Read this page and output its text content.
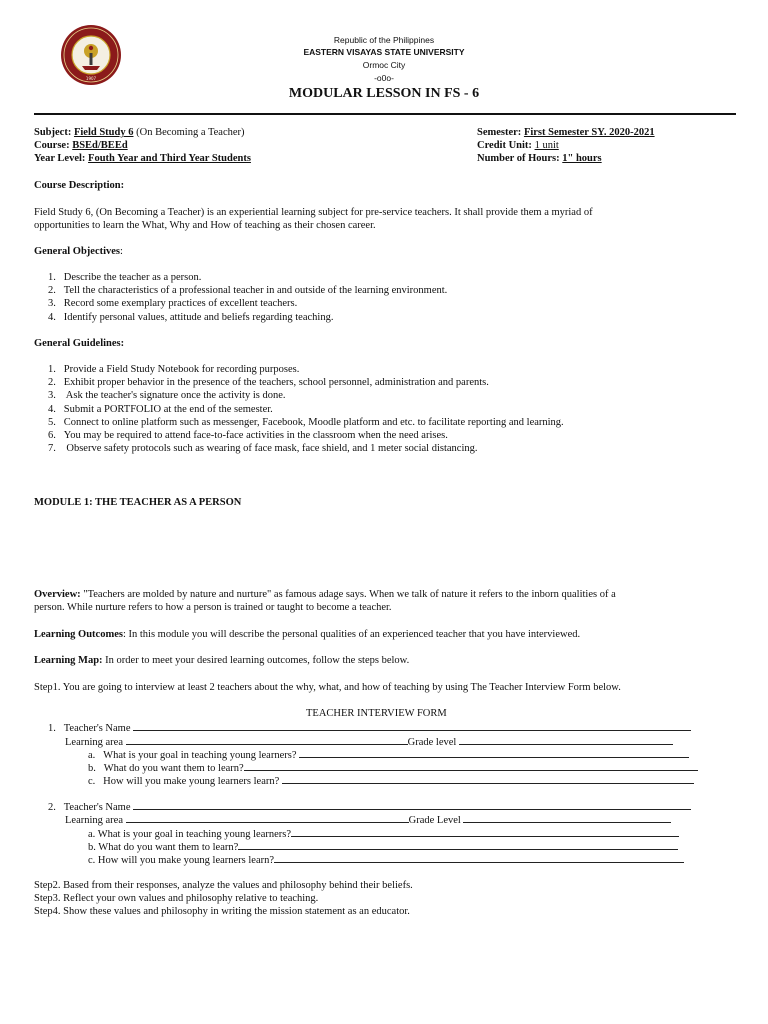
1907
Republic of the Philippines
EASTERN VISAYAS STATE UNIVERSITY
Ormoc City
-o0o-
MODULAR LESSON IN FS - 6
Subject: Field Study 6 (On Becoming a Teacher)
Course: BSEd/BEEd
Year Level: Fouth Year and Third Year Students
Semester: First Semester SY. 2020-2021
Credit Unit: 1 unit
Number of Hours: 1" hours
Course Description:
Field Study 6, (On Becoming a Teacher) is an experiential learning subject for pre-service teachers. It shall provide them a myriad of
opportunities to learn the What, Why and How of teaching as their chosen career.
General Objectives:
1.   Describe the teacher as a person.
2.   Tell the characteristics of a professional teacher in and outside of the learning environment.
3.   Record some exemplary practices of excellent teachers.
4.   Identify personal values, attitude and beliefs regarding teaching.
General Guidelines:
1.   Provide a Field Study Notebook for recording purposes.
2.   Exhibit proper behavior in the presence of the teachers, school personnel, administration and parents.
3.    Ask the teacher's signature once the activity is done.
4.   Submit a PORTFOLIO at the end of the semester.
5.   Connect to online platform such as messenger, Facebook, Moodle platform and etc. to facilitate reporting and learning.
6.   You may be required to attend face-to-face activities in the classroom when the need arises.
7.    Observe safety protocols such as wearing of face mask, face shield, and 1 meter social distancing.
MODULE 1: THE TEACHER AS A PERSON
Overview: "Teachers are molded by nature and nurture" as famous adage says. When we talk of nature it refers to the inborn qualities of a
person. While nurture refers to how a person is trained or taught to become a teacher.
Learning Outcomes: In this module you will describe the personal qualities of an experienced teacher that you have interviewed.
Learning Map: In order to meet your desired learning outcomes, follow the steps below.
Step1. You are going to interview at least 2 teachers about the why, what, and how of teaching by using The Teacher Interview Form below.
TEACHER INTERVIEW FORM
1. Teacher's Name
Learning area	Grade level
a. What is your goal in teaching young learners?
b. What do you want them to learn?
c. How will you make young learners learn?
2. Teacher's Name
Learning area	Grade Level
a. What is your goal in teaching young learners?
b. What do you want them to learn?
c. How will you make young learners learn?
Step2. Based from their responses, analyze the values and philosophy behind their beliefs.
Step3. Reflect your own values and philosophy relative to teaching.
Step4. Show these values and philosophy in writing the mission statement as an educator.
